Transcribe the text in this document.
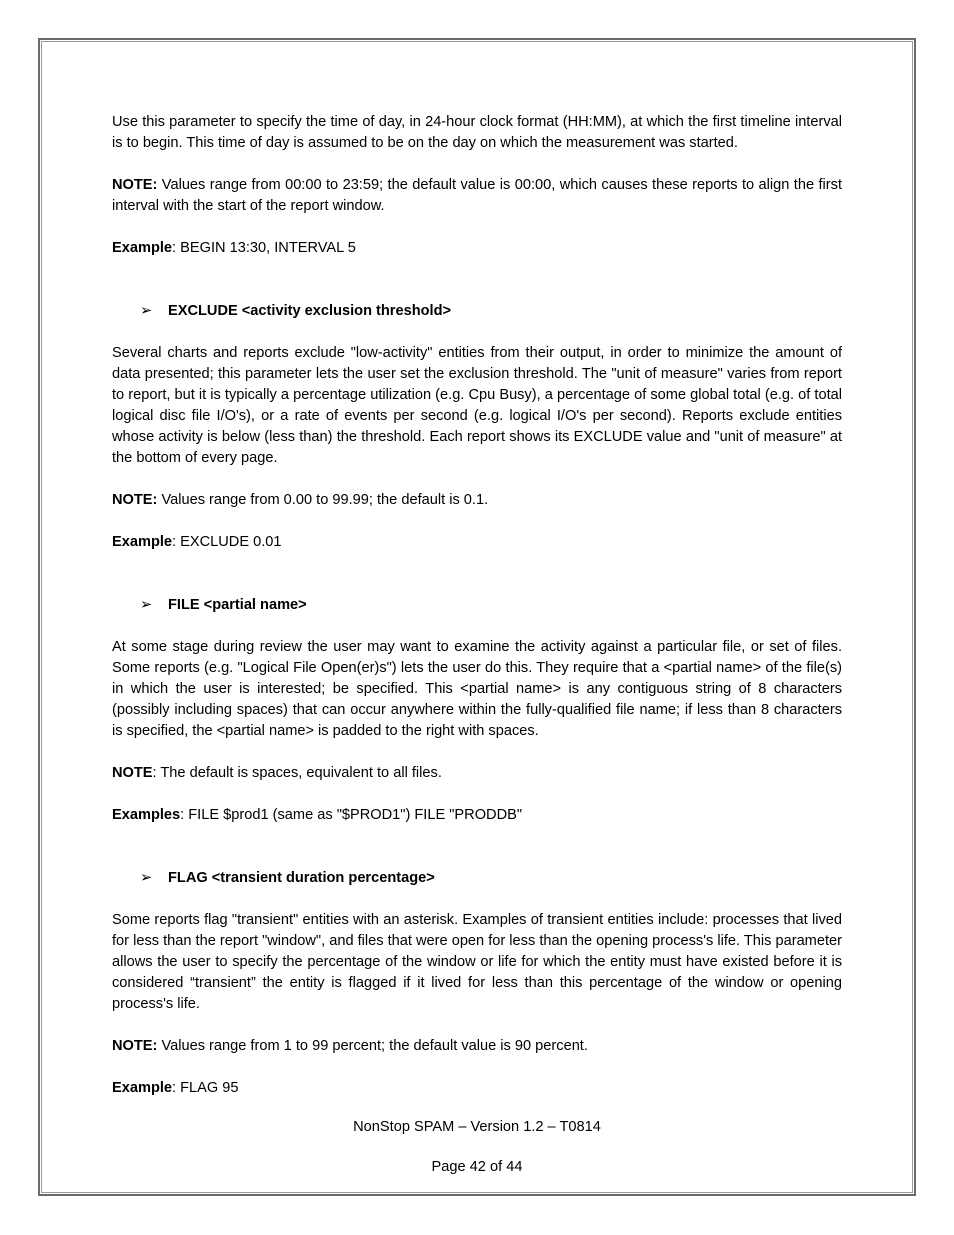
Use this parameter to specify the time of day, in 24-hour clock format (HH:MM), at which the first timeline interval is to begin. This time of day is assumed to be on the day on which the measurement was started.

NOTE: Values range from 00:00 to 23:59; the default value is 00:00, which causes these reports to align the first interval with the start of the report window.

Example: BEGIN 13:30, INTERVAL 5

➢ EXCLUDE <activity exclusion threshold>

Several charts and reports exclude "low-activity" entities from their output, in order to minimize the amount of data presented; this parameter lets the user set the exclusion threshold. The "unit of measure" varies from report to report, but it is typically a percentage utilization (e.g. Cpu Busy), a percentage of some global total (e.g. of total logical disc file I/O's), or a rate of events per second (e.g. logical I/O's per second). Reports exclude entities whose activity is below (less than) the threshold. Each report shows its EXCLUDE value and "unit of measure" at the bottom of every page.

NOTE: Values range from 0.00 to 99.99; the default is 0.1.

Example: EXCLUDE 0.01

➢ FILE <partial name>

At some stage during review the user may want to examine the activity against a particular file, or set of files. Some reports (e.g. "Logical File Open(er)s") lets the user do this. They require that a <partial name> of the file(s) in which the user is interested; be specified. This <partial name> is any contiguous string of 8 characters (possibly including spaces) that can occur anywhere within the fully-qualified file name; if less than 8 characters is specified, the <partial name> is padded to the right with spaces.

NOTE: The default is spaces, equivalent to all files.

Examples: FILE $prod1 (same as "$PROD1") FILE "PRODDB"

➢ FLAG <transient duration percentage>

Some reports flag "transient" entities with an asterisk. Examples of transient entities include: processes that lived for less than the report "window", and files that were open for less than the opening process's life. This parameter allows the user to specify the percentage of the window or life for which the entity must have existed before it is considered “transient” the entity is flagged if it lived for less than this percentage of the window or opening process's life.

NOTE: Values range from 1 to 99 percent; the default value is 90 percent.

Example: FLAG 95

NonStop SPAM – Version 1.2 – T0814
Page 42 of 44
